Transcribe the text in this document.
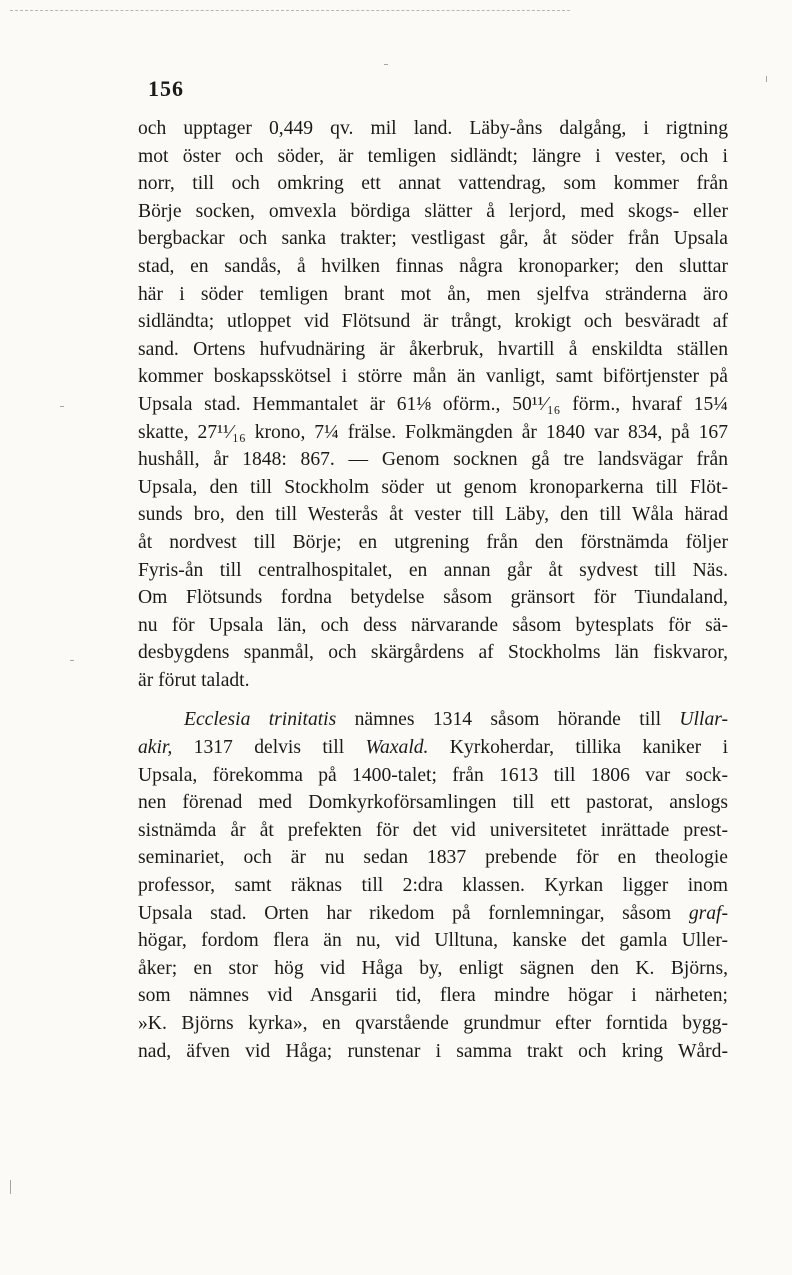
156
och upptager 0,449 qv. mil land. Läby-åns dalgång, i rigtning
mot öster och söder, är temligen sidländt; längre i vester, och i
norr, till och omkring ett annat vattendrag, som kommer från
Börje socken, omvexla bördiga slätter å lerjord, med skogs- eller
bergbackar och sanka trakter; vestligast går, åt söder från Upsala
stad, en sandås, å hvilken finnas några kronoparker; den sluttar
här i söder temligen brant mot ån, men sjelfva stränderna äro
sidländta; utloppet vid Flötsund är trångt, krokigt och besväradt af
sand. Ortens hufvudnäring är åkerbruk, hvartill å enskildta ställen
kommer boskapsskötsel i större mån än vanligt, samt biförtjenster på
Upsala stad. Hemmantalet är 61⅛ oförm., 50¹¹⁄₁₆ förm., hvaraf 15¼
skatte, 27¹¹⁄₁₆ krono, 7¼ frälse. Folkmängden år 1840 var 834, på 167
hushåll, år 1848: 867. — Genom socknen gå tre landsvägar från
Upsala, den till Stockholm söder ut genom kronoparkerna till Flöt-
sunds bro, den till Westerås åt vester till Läby, den till Wåla härad
åt nordvest till Börje; en utgrening från den förstnämda följer
Fyris-ån till centralhospitalet, en annan går åt sydvest till Näs.
Om Flötsunds fordna betydelse såsom gränsort för Tiundaland,
nu för Upsala län, och dess närvarande såsom bytesplats för sä-
desbygdens spanmål, och skärgårdens af Stockholms län fiskvaror,
är förut taladt.
Ecclesia trinitatis nämnes 1314 såsom hörande till Ullar-
akir, 1317 delvis till Waxald. Kyrkoherdar, tillika kaniker i
Upsala, förekomma på 1400-talet; från 1613 till 1806 var sock-
nen förenad med Domkyrkoförsamlingen till ett pastorat, anslogs
sistnämda år åt prefekten för det vid universitetet inrättade prest-
seminariet, och är nu sedan 1837 prebende för en theologie
professor, samt räknas till 2:dra klassen. Kyrkan ligger inom
Upsala stad. Orten har rikedom på fornlemningar, såsom graf-
högar, fordom flera än nu, vid Ulltuna, kanske det gamla Uller-
åker; en stor hög vid Håga by, enligt sägnen den K. Björns,
som nämnes vid Ansgarii tid, flera mindre högar i närheten;
»K. Björns kyrka», en qvarstående grundmur efter forntida bygg-
nad, äfven vid Håga; runstenar i samma trakt och kring Wård-
